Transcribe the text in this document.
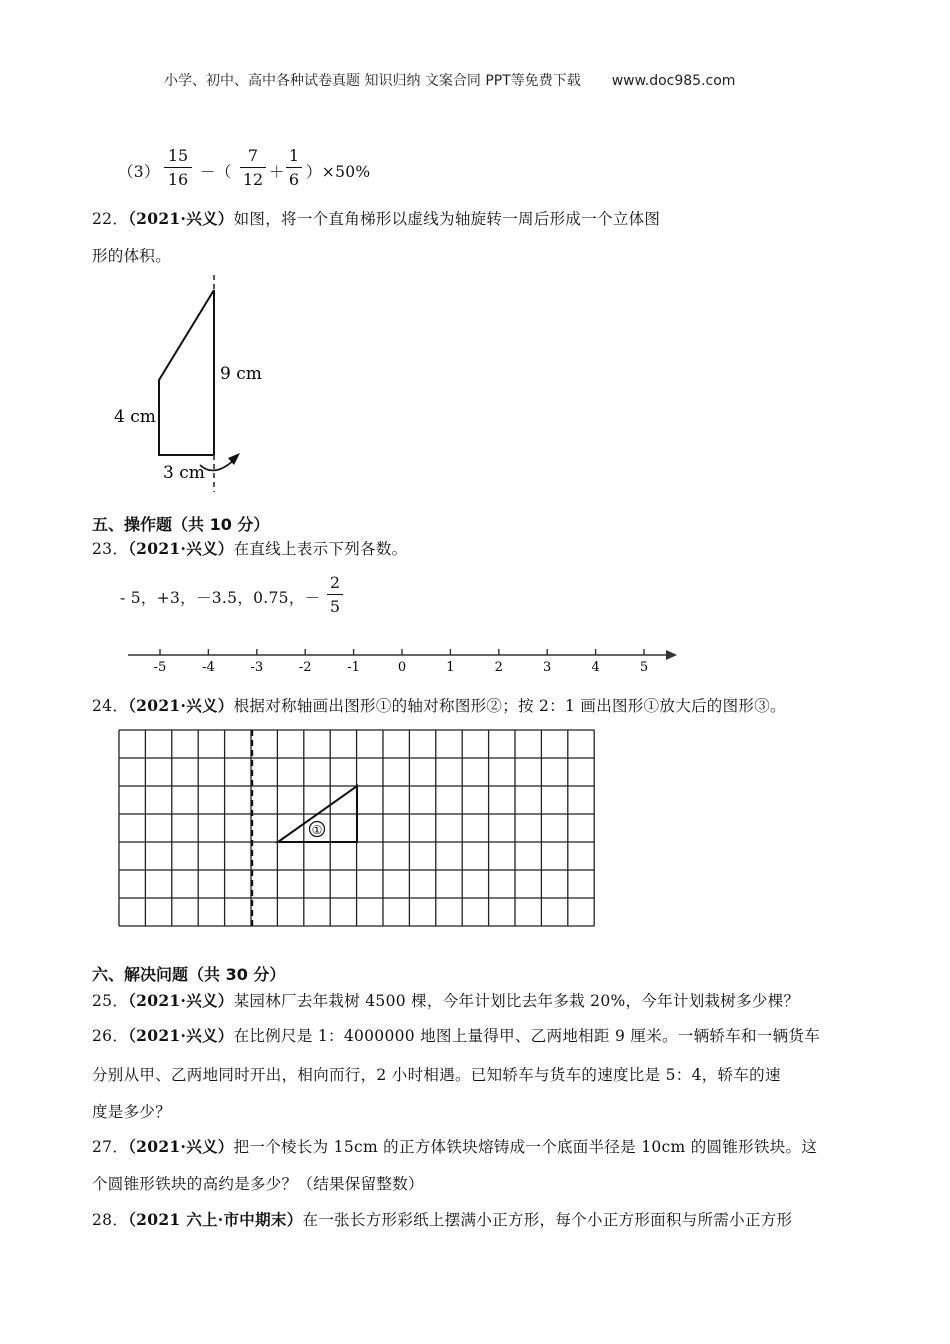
小学、初中、高中各种试卷真题 知识归纳 文案合同 PPT等免费下载 www.doc985.com
$(3) \frac{15}{16}$ －（ $\frac{7}{12} + \frac{1}{6} )\times 50\%$
22．（2021·兴义）如图，将一个直角梯形以虚线为轴旋转一周后形成一个立体图
形的体积。
4 cm
9 cm
3 cm
五、操作题（共 10 分）
23．（2021·兴义）在直线上表示下列各数。
- 5，+3，－3.5，0.75，－ $\frac{2}{5}$
-5	-4	-3	-2	-1	0	1	2	3	4	5
24．（2021·兴义）根据对称轴画出图形①的轴对称图形②；按 2：1 画出图形①放大后的图形③。
①
六、解决问题（共 30 分）
25．（2021·兴义）某园林厂去年栽树 4500 棵，今年计划比去年多栽 20%，今年计划栽树多少棵？
26．（2021·兴义）在比例尺是 1：4000000 地图上量得甲、乙两地相距 9 厘米。一辆轿车和一辆货车
分别从甲、乙两地同时开出，相向而行，2 小时相遇。已知轿车与货车的速度比是 5：4，轿车的速
度是多少？
27．（2021·兴义）把一个棱长为 15cm 的正方体铁块熔铸成一个底面半径是 10cm 的圆锥形铁块。这
个圆锥形铁块的高约是多少？（结果保留整数）
28．（2021 六上·市中期末）在一张长方形彩纸上摆满小正方形，每个小正方形面积与所需小正方形
